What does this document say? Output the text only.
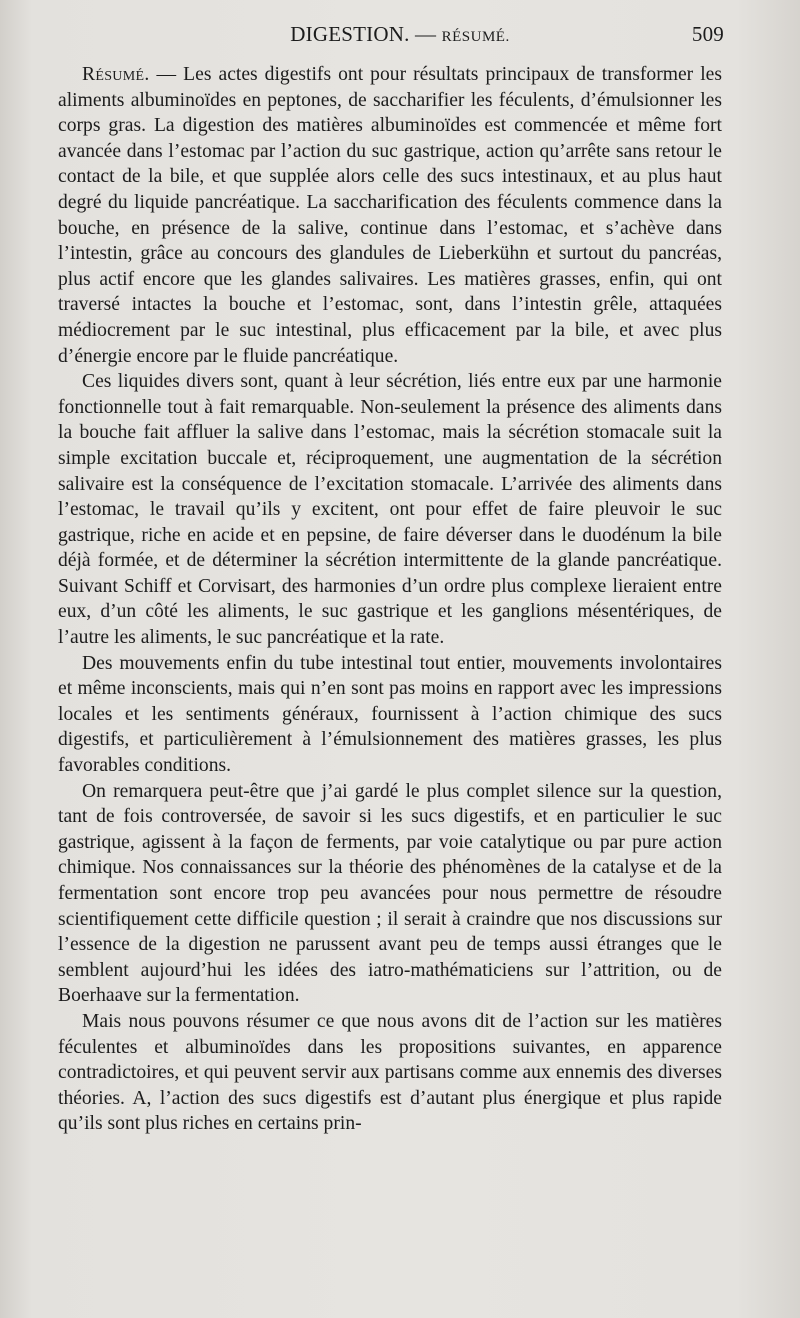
DIGESTION. — RÉSUMÉ.	509

Résumé. — Les actes digestifs ont pour résultats principaux de transformer les aliments albuminoïdes en peptones, de saccharifier les féculents, d’émulsionner les corps gras. La digestion des matières albuminoïdes est commencée et même fort avancée dans l’estomac par l’action du suc gastrique, action qu’arrête sans retour le contact de la bile, et que supplée alors celle des sucs intestinaux, et au plus haut degré du liquide pancréatique. La saccharification des féculents commence dans la bouche, en présence de la salive, continue dans l’estomac, et s’achève dans l’intestin, grâce au concours des glandules de Lieberkühn et surtout du pancréas, plus actif encore que les glandes salivaires. Les matières grasses, enfin, qui ont traversé intactes la bouche et l’estomac, sont, dans l’intestin grêle, attaquées médiocrement par le suc intestinal, plus efficacement par la bile, et avec plus d’énergie encore par le fluide pancréatique.

Ces liquides divers sont, quant à leur sécrétion, liés entre eux par une harmonie fonctionnelle tout à fait remarquable. Non-seulement la présence des aliments dans la bouche fait affluer la salive dans l’estomac, mais la sécrétion stomacale suit la simple excitation buccale et, réciproquement, une augmentation de la sécrétion salivaire est la conséquence de l’excitation stomacale. L’arrivée des aliments dans l’estomac, le travail qu’ils y excitent, ont pour effet de faire pleuvoir le suc gastrique, riche en acide et en pepsine, de faire déverser dans le duodénum la bile déjà formée, et de déterminer la sécrétion intermittente de la glande pancréatique. Suivant Schiff et Corvisart, des harmonies d’un ordre plus complexe lieraient entre eux, d’un côté les aliments, le suc gastrique et les ganglions mésentériques, de l’autre les aliments, le suc pancréatique et la rate.

Des mouvements enfin du tube intestinal tout entier, mouvements involontaires et même inconscients, mais qui n’en sont pas moins en rapport avec les impressions locales et les sentiments généraux, fournissent à l’action chimique des sucs digestifs, et particulièrement à l’émulsionnement des matières grasses, les plus favorables conditions.

On remarquera peut-être que j’ai gardé le plus complet silence sur la question, tant de fois controversée, de savoir si les sucs digestifs, et en particulier le suc gastrique, agissent à la façon de ferments, par voie catalytique ou par pure action chimique. Nos connaissances sur la théorie des phénomènes de la catalyse et de la fermentation sont encore trop peu avancées pour nous permettre de résoudre scientifiquement cette difficile question ; il serait à craindre que nos discussions sur l’essence de la digestion ne parussent avant peu de temps aussi étranges que le semblent aujourd’hui les idées des iatro-mathématiciens sur l’attrition, ou de Boerhaave sur la fermentation.

Mais nous pouvons résumer ce que nous avons dit de l’action sur les matières féculentes et albuminoïdes dans les propositions suivantes, en apparence contradictoires, et qui peuvent servir aux partisans comme aux ennemis des diverses théories. A, l’action des sucs digestifs est d’autant plus énergique et plus rapide qu’ils sont plus riches en certains prin-
